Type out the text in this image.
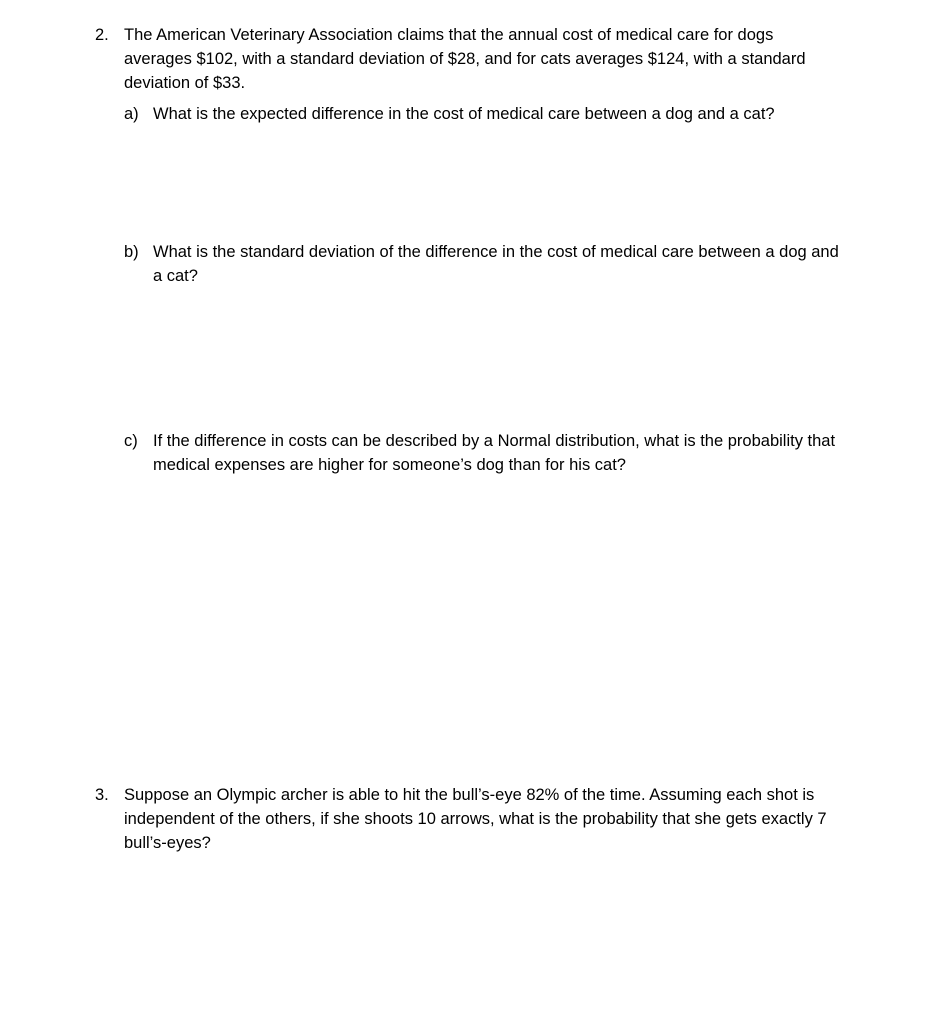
2. The American Veterinary Association claims that the annual cost of medical care for dogs averages $102, with a standard deviation of $28, and for cats averages $124, with a standard deviation of $33.
a) What is the expected difference in the cost of medical care between a dog and a cat?
b) What is the standard deviation of the difference in the cost of medical care between a dog and a cat?
c) If the difference in costs can be described by a Normal distribution, what is the probability that medical expenses are higher for someone’s dog than for his cat?
3. Suppose an Olympic archer is able to hit the bull’s-eye 82% of the time. Assuming each shot is independent of the others, if she shoots 10 arrows, what is the probability that she gets exactly 7 bull’s-eyes?
